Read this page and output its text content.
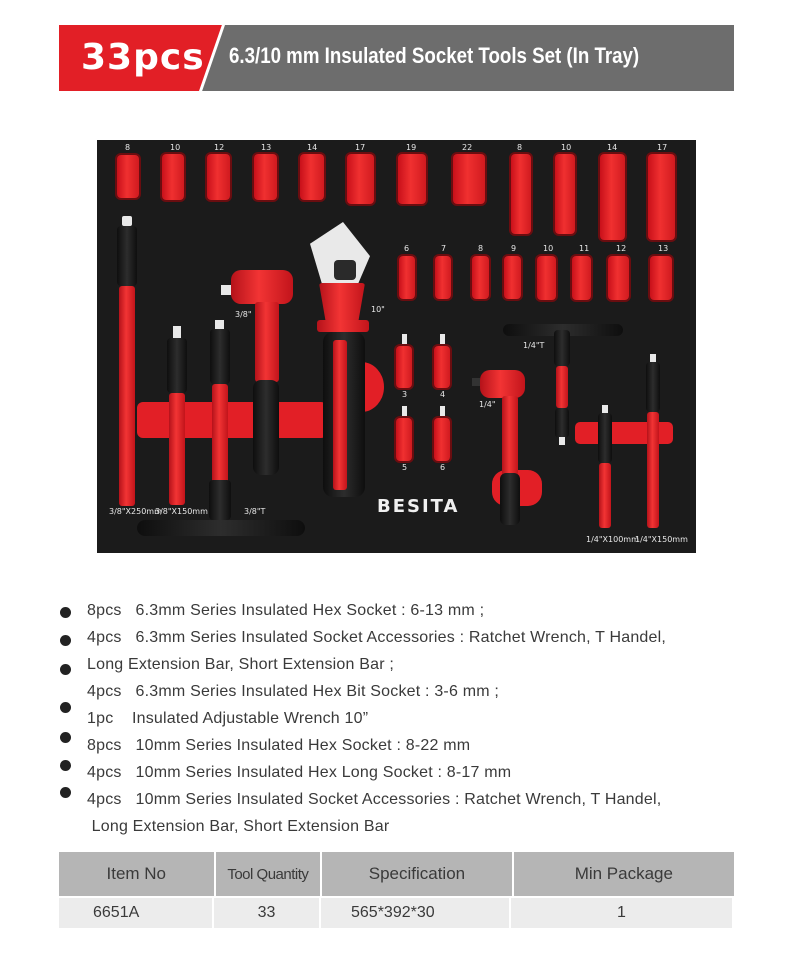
33pcs 6.3/10 mm Insulated Socket Tools Set (In Tray)
8	10	12	13	14	17	19	22	8	10	14	17
6	7	8	9	10	11	12	13
3/8"X250mm
3/8"X150mm	3/8"T
3/8"
10"
3	4
5	6
1/4"
1/4"T
1/4"X100mm
1/4"X150mm
BESITA
8pcs   6.3mm Series Insulated Hex Socket : 6-13 mm ;
4pcs   6.3mm Series Insulated Socket Accessories : Ratchet Wrench, T Handel,
Long Extension Bar, Short Extension Bar ;
4pcs   6.3mm Series Insulated Hex Bit Socket : 3-6 mm ;
1pc    Insulated Adjustable Wrench 10”
8pcs   10mm Series Insulated Hex Socket : 8-22 mm
4pcs   10mm Series Insulated Hex Long Socket : 8-17 mm
4pcs   10mm Series Insulated Socket Accessories : Ratchet Wrench, T Handel,
Long Extension Bar, Short Extension Bar
Item No	Tool Quantity	Specification	Min Package
6651A	33	565*392*30	1
